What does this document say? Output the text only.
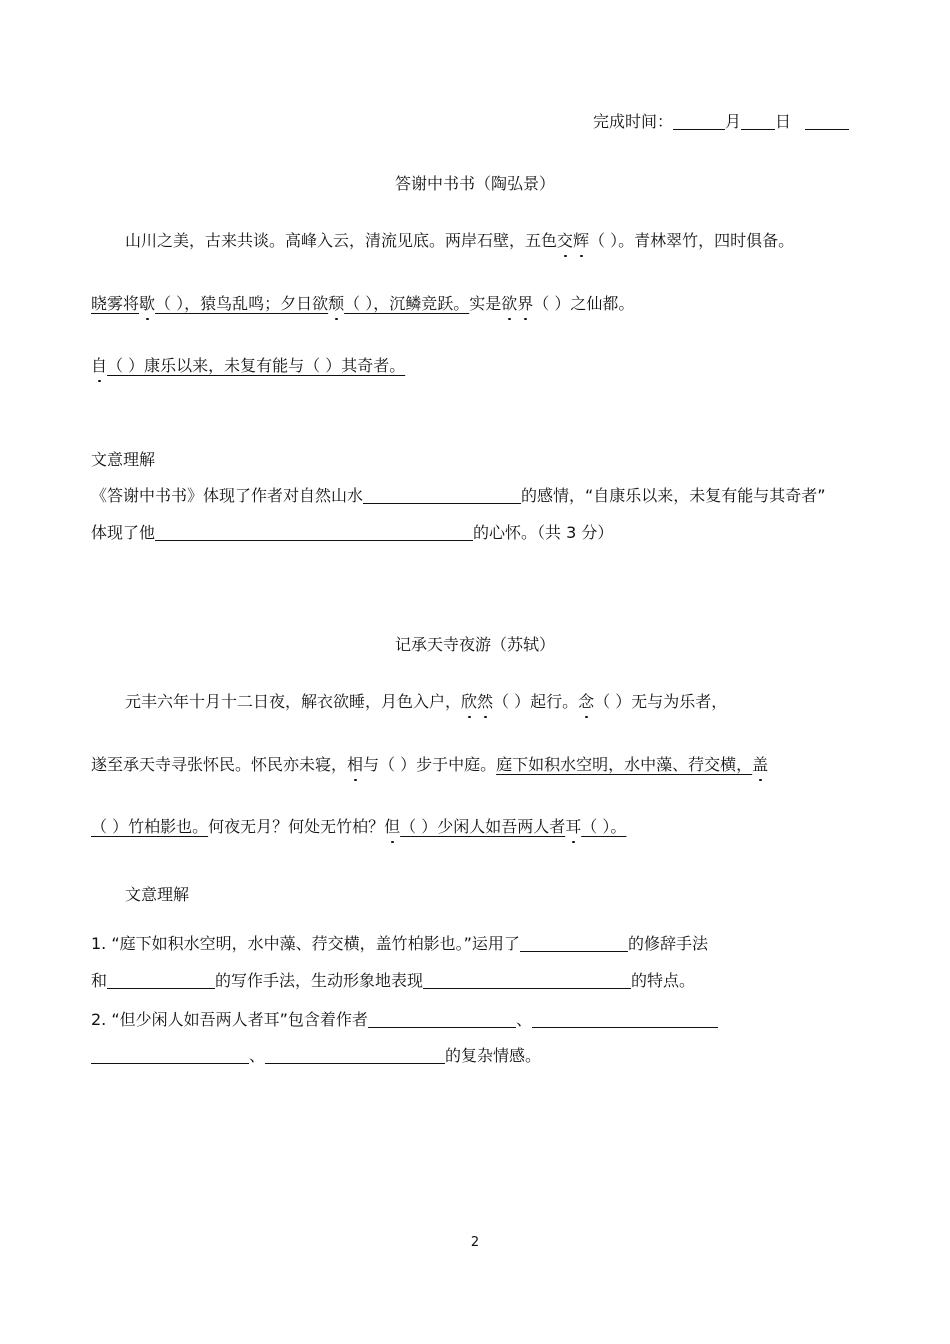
完成时间：	月 日
答谢中书书（陶弘景）
山川之美，古来共谈。高峰入云，清流见底。两岸石壁，五色交辉（ ）。青林翠竹，四时俱备。
晓雾将歇（ ），猿鸟乱鸣；夕日欲颓（ ），沉鳞竞跃。实是欲界（ ）之仙都。
自（ ）康乐以来，未复有能与（ ）其奇者。
文意理解
《答谢中书书》体现了作者对自然山水	的感情，“自康乐以来，未复有能与其奇者”
体现了他	的心怀。（共 3 分）
记承天寺夜游（苏轼）
元丰六年十月十二日夜，解衣欲睡，月色入户，欣然（ ）起行。念（ ）无与为乐者，
遂至承天寺寻张怀民。怀民亦未寝，相与（ ）步于中庭。庭下如积水空明，水中藻、荇交横，盖
（ ）竹柏影也。何夜无月？何处无竹柏？但（ ）少闲人如吾两人者耳（ ）。
文意理解
1. “庭下如积水空明，水中藻、荇交横，盖竹柏影也。”运用了	的修辞手法
和	的写作手法，生动形象地表现	的特点。
2. “但少闲人如吾两人者耳”包含着作者	、
、	的复杂情感。
2
